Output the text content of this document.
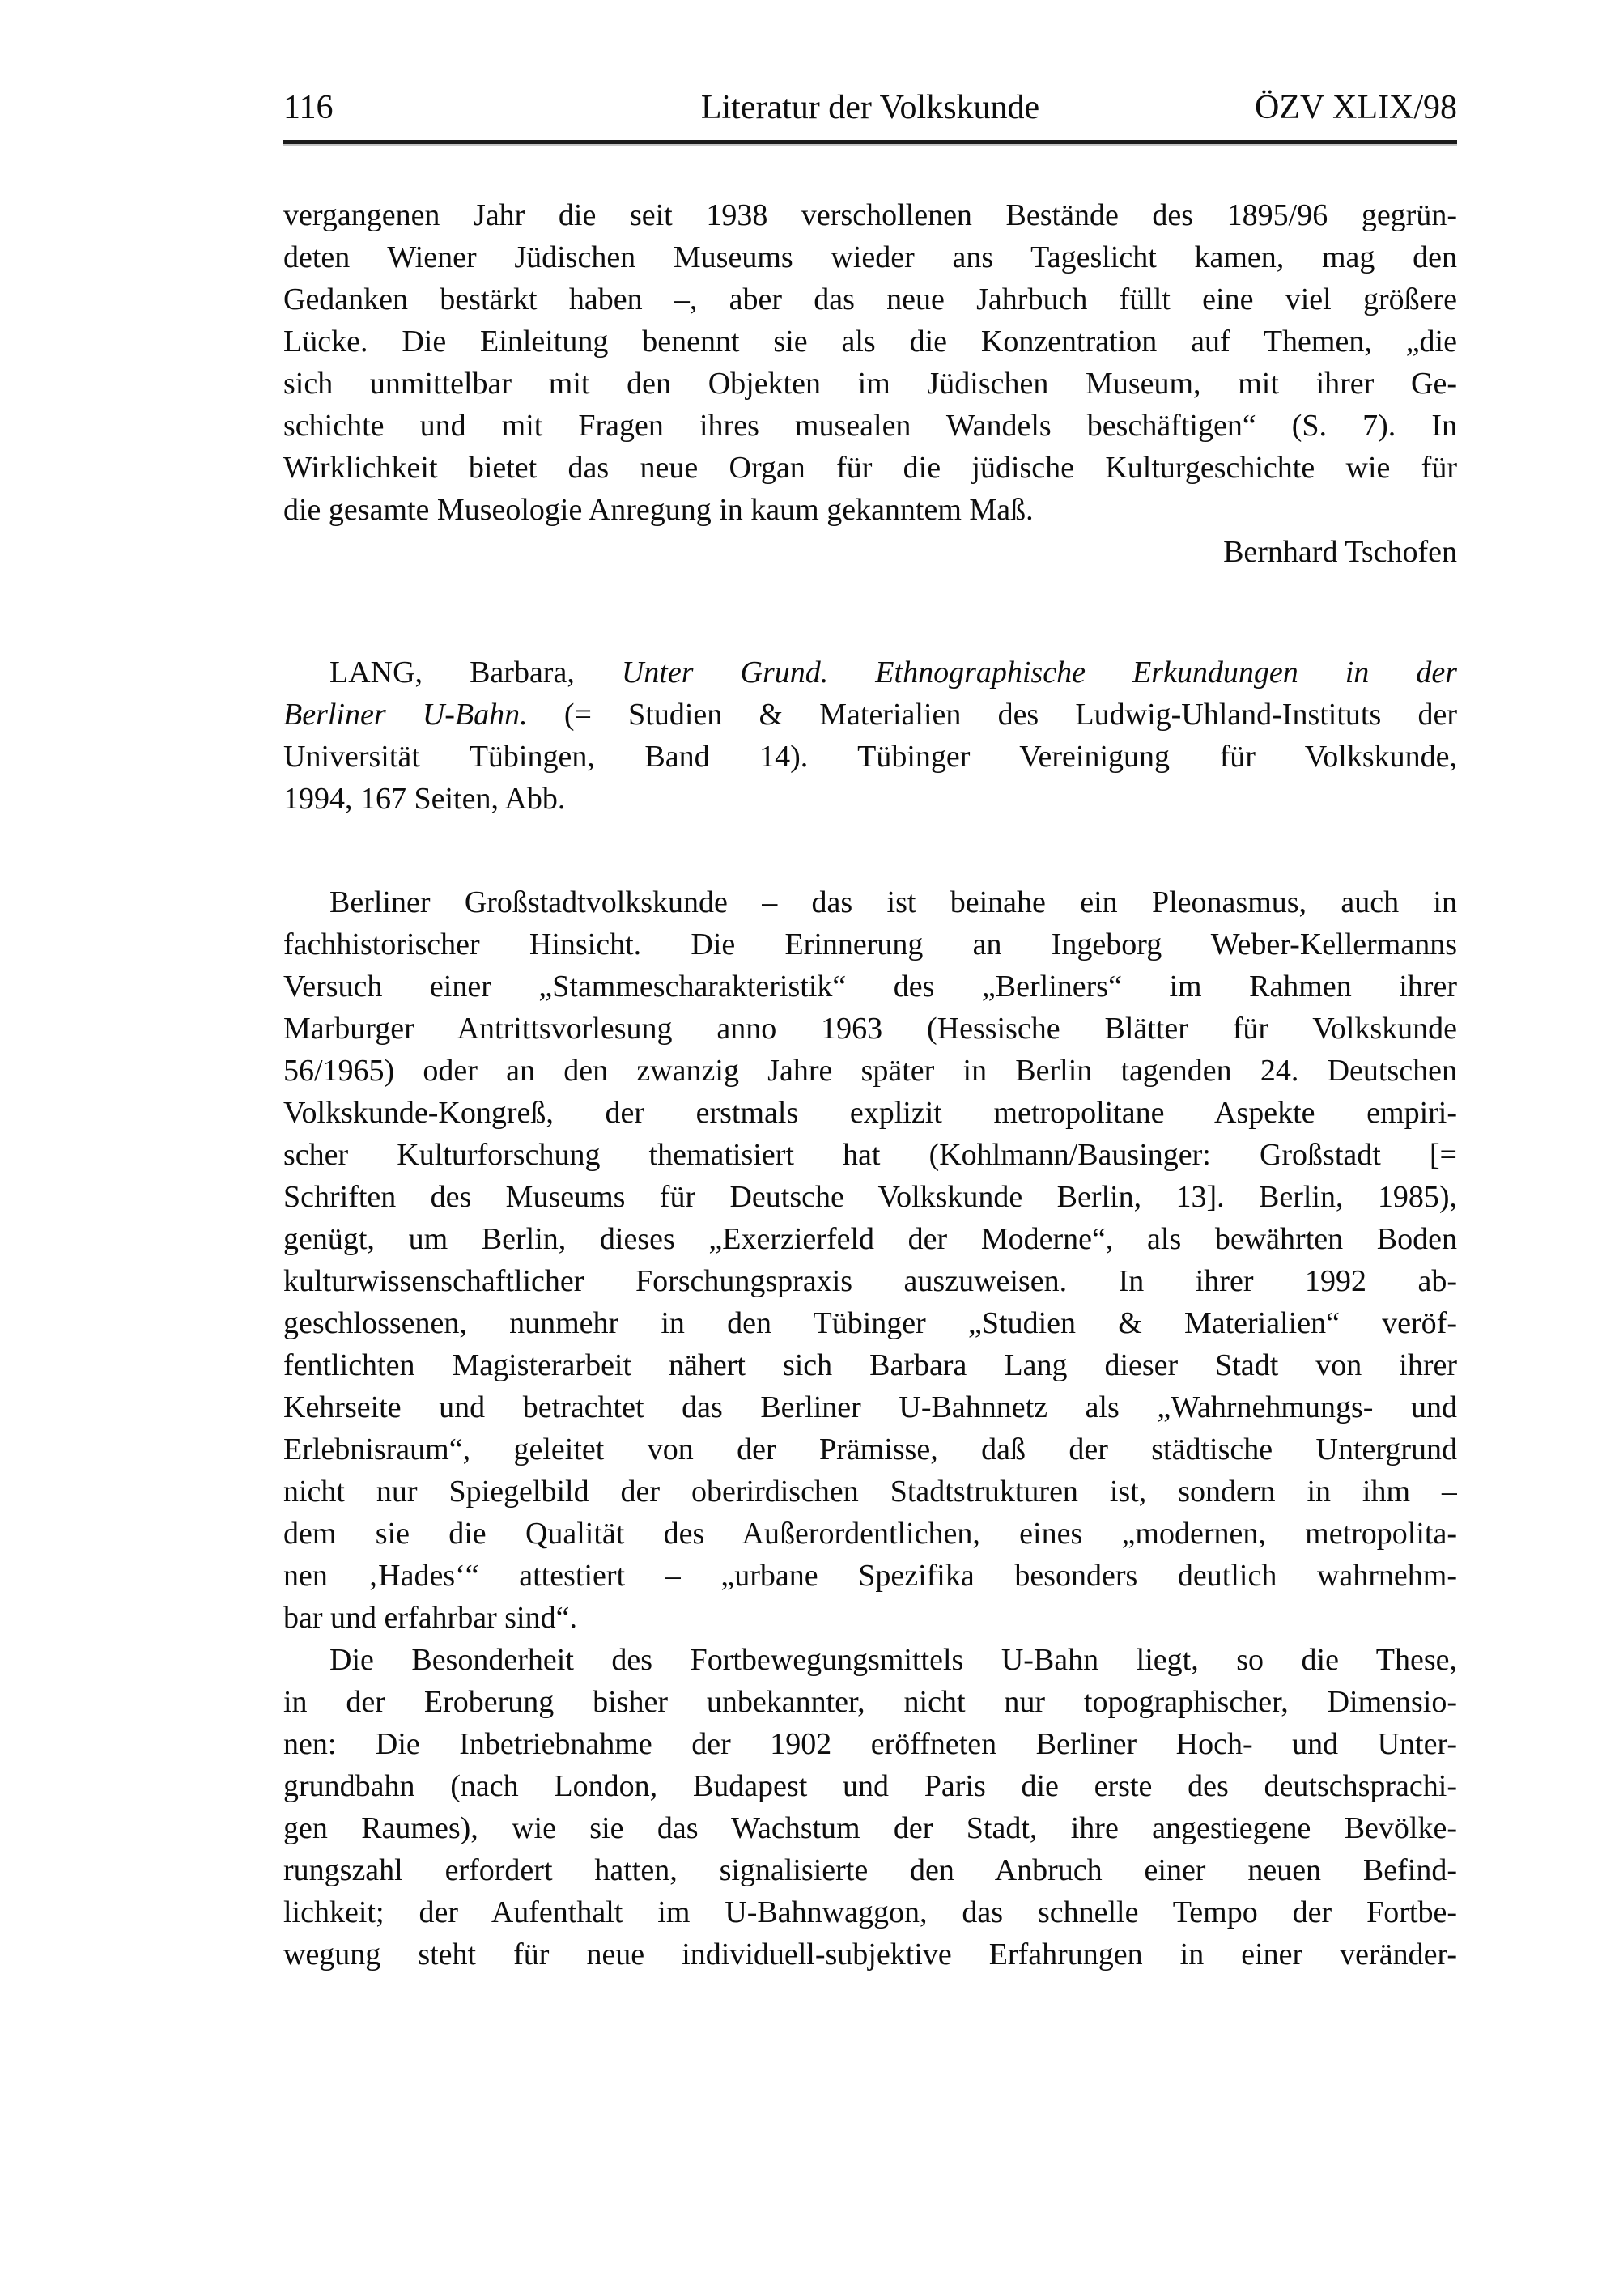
116	Literatur der Volkskunde	ÖZV XLIX/98
vergangenen Jahr die seit 1938 verschollenen Bestände des 1895/96 gegrün-
deten Wiener Jüdischen Museums wieder ans Tageslicht kamen, mag den
Gedanken bestärkt haben –, aber das neue Jahrbuch füllt eine viel größere
Lücke. Die Einleitung benennt sie als die Konzentration auf Themen, „die
sich unmittelbar mit den Objekten im Jüdischen Museum, mit ihrer Ge-
schichte und mit Fragen ihres musealen Wandels beschäftigen“ (S. 7). In
Wirklichkeit bietet das neue Organ für die jüdische Kulturgeschichte wie für
die gesamte Museologie Anregung in kaum gekanntem Maß.
Bernhard Tschofen
LANG, Barbara, Unter Grund. Ethnographische Erkundungen in der
Berliner U-Bahn. (= Studien & Materialien des Ludwig-Uhland-Instituts der
Universität Tübingen, Band 14). Tübinger Vereinigung für Volkskunde,
1994, 167 Seiten, Abb.
Berliner Großstadtvolkskunde – das ist beinahe ein Pleonasmus, auch in
fachhistorischer Hinsicht. Die Erinnerung an Ingeborg Weber-Kellermanns
Versuch einer „Stammescharakteristik“ des „Berliners“ im Rahmen ihrer
Marburger Antrittsvorlesung anno 1963 (Hessische Blätter für Volkskunde
56/1965) oder an den zwanzig Jahre später in Berlin tagenden 24. Deutschen
Volkskunde-Kongreß, der erstmals explizit metropolitane Aspekte empiri-
scher Kulturforschung thematisiert hat (Kohlmann/Bausinger: Großstadt [=
Schriften des Museums für Deutsche Volkskunde Berlin, 13]. Berlin, 1985),
genügt, um Berlin, dieses „Exerzierfeld der Moderne“, als bewährten Boden
kulturwissenschaftlicher Forschungspraxis auszuweisen. In ihrer 1992 ab-
geschlossenen, nunmehr in den Tübinger „Studien & Materialien“ veröf-
fentlichten Magisterarbeit nähert sich Barbara Lang dieser Stadt von ihrer
Kehrseite und betrachtet das Berliner U-Bahnnetz als „Wahrnehmungs- und
Erlebnisraum“, geleitet von der Prämisse, daß der städtische Untergrund
nicht nur Spiegelbild der oberirdischen Stadtstrukturen ist, sondern in ihm –
dem sie die Qualität des Außerordentlichen, eines „modernen, metropolita-
nen ‚Hades‘“ attestiert – „urbane Spezifika besonders deutlich wahrnehm-
bar und erfahrbar sind“.
Die Besonderheit des Fortbewegungsmittels U-Bahn liegt, so die These,
in der Eroberung bisher unbekannter, nicht nur topographischer, Dimensio-
nen: Die Inbetriebnahme der 1902 eröffneten Berliner Hoch- und Unter-
grundbahn (nach London, Budapest und Paris die erste des deutschsprachi-
gen Raumes), wie sie das Wachstum der Stadt, ihre angestiegene Bevölke-
rungszahl erfordert hatten, signalisierte den Anbruch einer neuen Befind-
lichkeit; der Aufenthalt im U-Bahnwaggon, das schnelle Tempo der Fortbe-
wegung steht für neue individuell-subjektive Erfahrungen in einer veränder-
